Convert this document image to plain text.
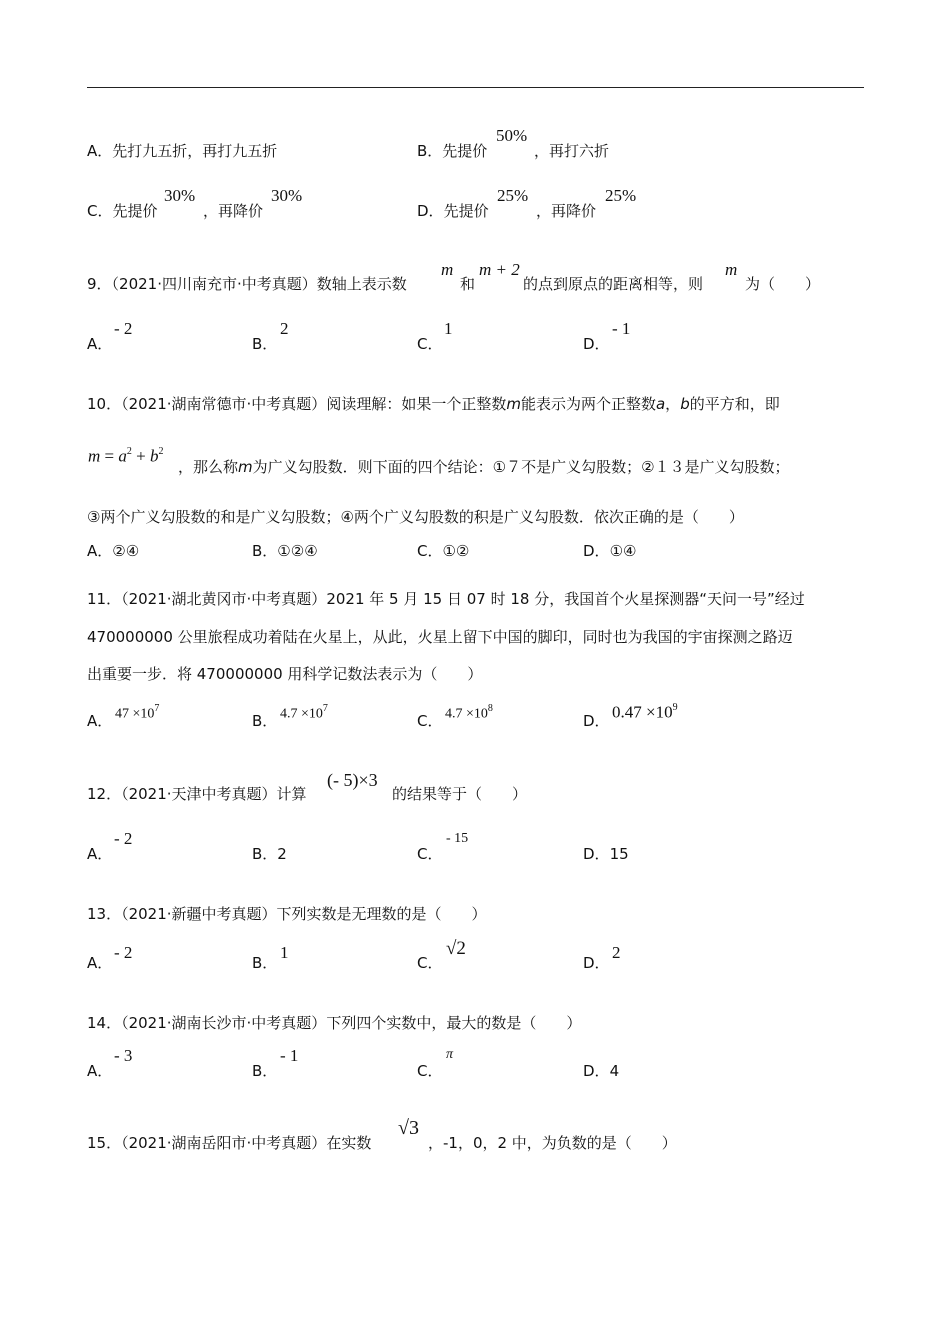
A．先打九五折，再打九五折	B．先提价
50%
，再打六折
C．先提价
30%
，再降价
30%
D．先提价
25%
，再降价
25%
9．（2021·四川南充市·中考真题）数轴上表示数
m
和
m + 2
的点到原点的距离相等，则
m
为（　　）
A．
- 2
B．
2
C．
1
D．
- 1
10．（2021·湖南常德市·中考真题）阅读理解：如果一个正整数m能表示为两个正整数a，b的平方和，即
$m = a^2 + b^2$
，那么称m为广义勾股数．则下面的四个结论：①７不是广义勾股数；②１３是广义勾股数；
③两个广义勾股数的和是广义勾股数；④两个广义勾股数的积是广义勾股数．依次正确的是（　　）
A．②④	B．①②④	C．①②	D．①④
11．（2021·湖北黄冈市·中考真题）2021 年 5 月 15 日 07 时 18 分，我国首个火星探测器“天问一号”经过
470000000 公里旅程成功着陆在火星上，从此，火星上留下中国的脚印，同时也为我国的宇宙探测之路迈
出重要一步．将 470000000 用科学记数法表示为（　　）
A． $47 \times 10^7$
B． $4.7 \times 10^7$
C． $4.7 \times 10^8$
D． $0.47 \times 10^9$
12．（2021·天津中考真题）计算
(- 5)×3
的结果等于（　　）
A．
- 2
B．2	C．
- 15
D．15
13．（2021·新疆中考真题）下列实数是无理数的是（　　）
A．
- 2
B．
1
C．
√2
D．
2
14．（2021·湖南长沙市·中考真题）下列四个实数中，最大的数是（　　）
A．
- 3
B．
- 1
C．
π
D．4
15．（2021·湖南岳阳市·中考真题）在实数
√3
，-1，0，2 中，为负数的是（　　）
